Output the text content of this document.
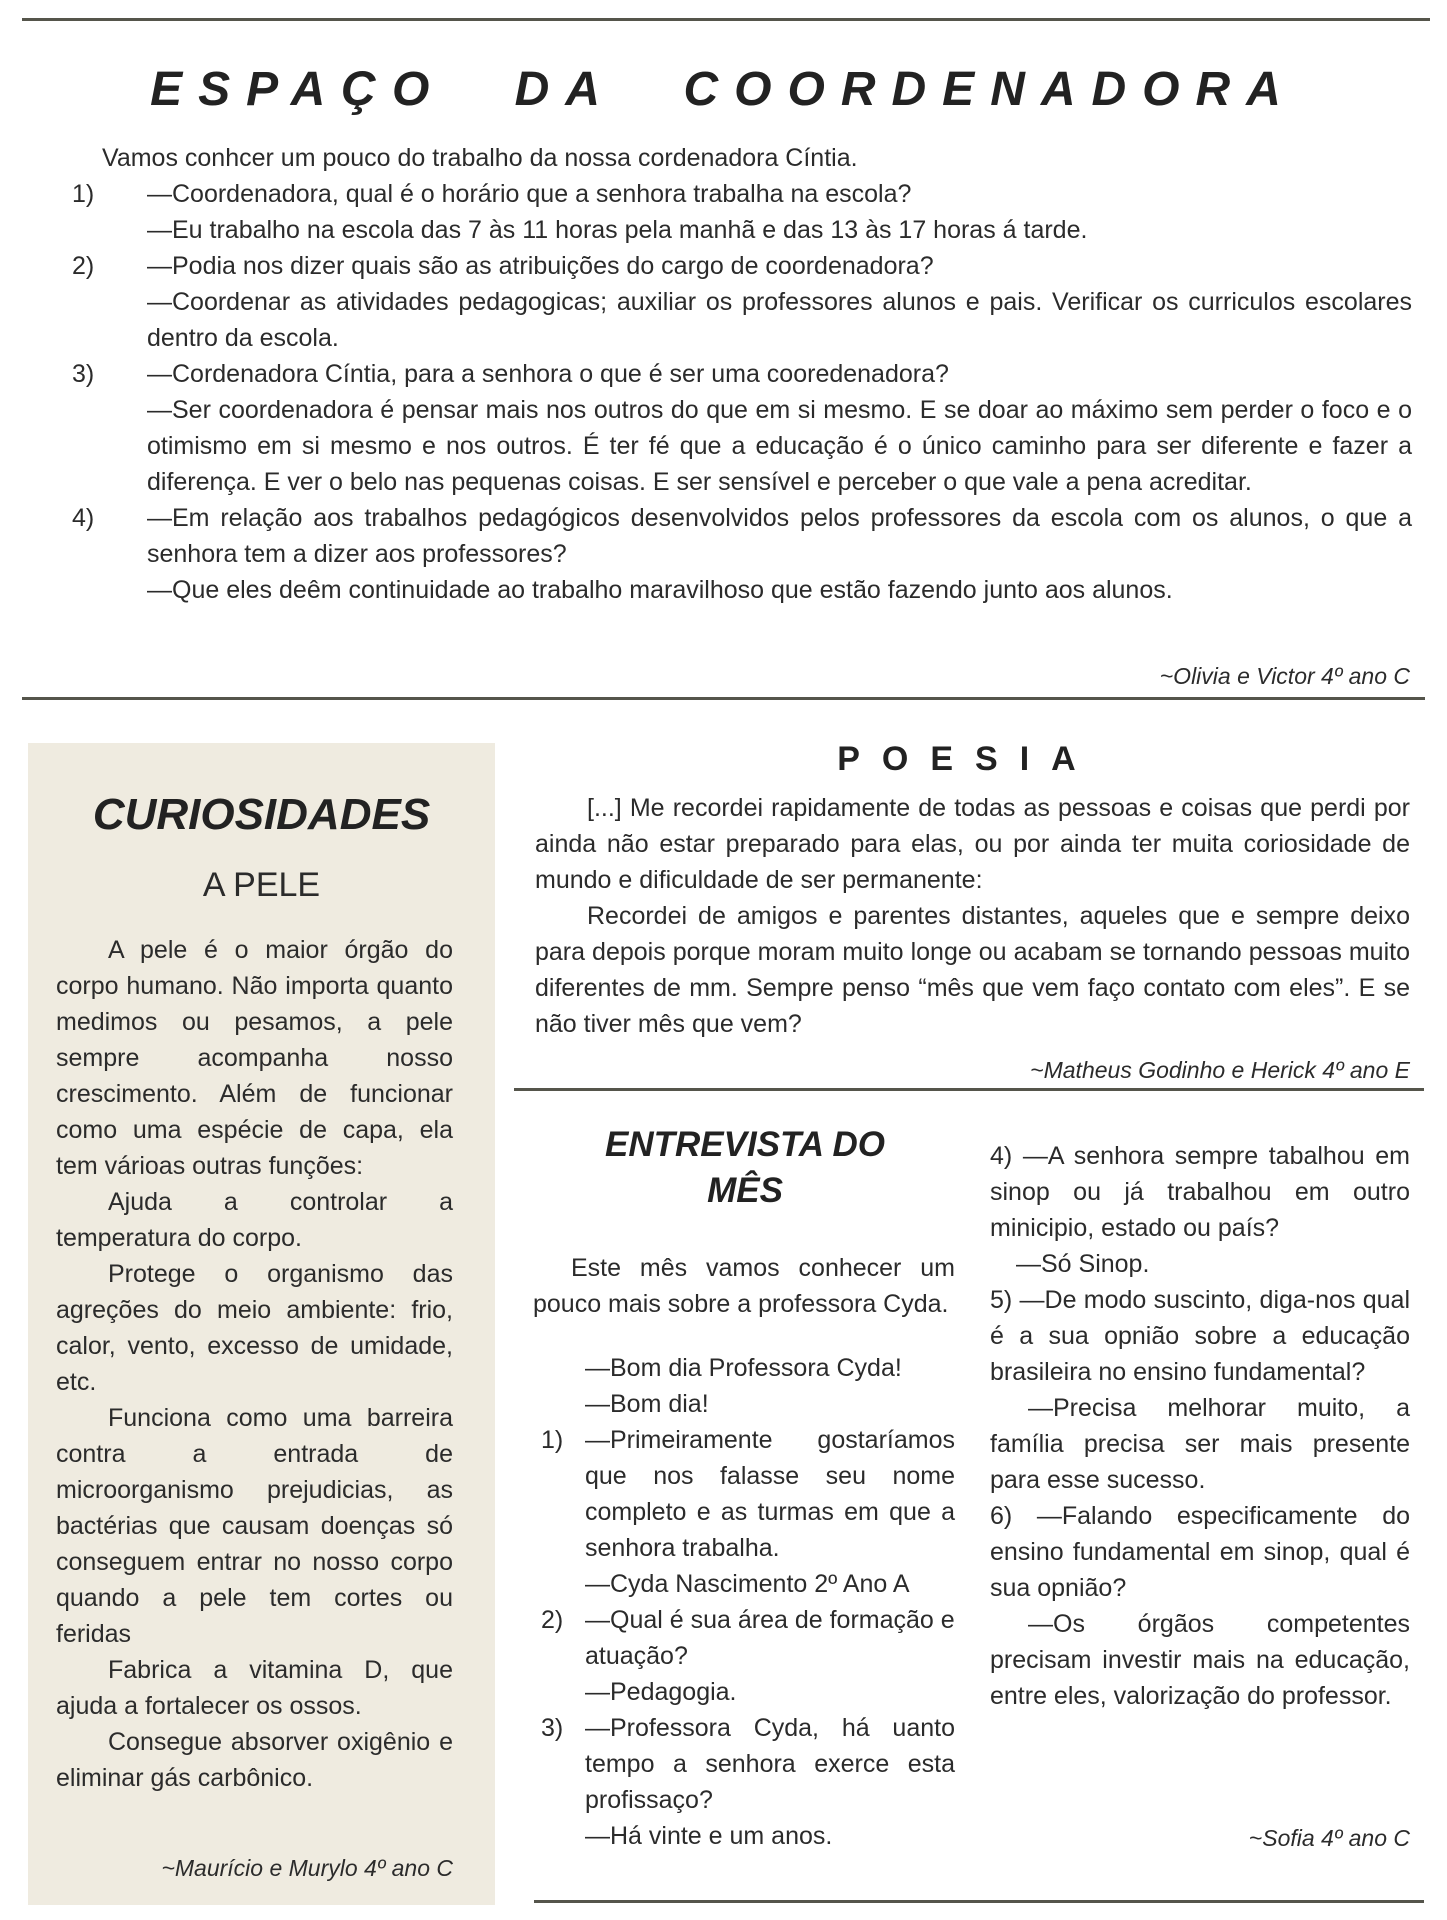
ESPAÇO DA COORDENADORA

Vamos conhcer um pouco do trabalho da nossa cordenadora Cíntia.

1)	—Coordenadora, qual é o horário que a senhora trabalha na escola?

—Eu trabalho na escola das 7 às 11 horas pela manhã e das 13 às 17 horas á tarde.

2)	—Podia nos dizer quais são as atribuições do cargo de coordenadora?

—Coordenar as atividades pedagogicas; auxiliar os professores alunos e pais. Verificar os curriculos escolares dentro da escola.

3)	—Cordenadora Cíntia, para a senhora o que é ser uma cooredenadora?

—Ser coordenadora é pensar mais nos outros do que em si mesmo. E se doar ao máximo sem perder o foco e o otimismo em si mesmo e nos outros. É ter fé que a educação é o único caminho para ser diferente e fazer a diferença. E ver o belo nas pequenas coisas. E ser sensível e perceber o que vale a pena acreditar.

4)	—Em relação aos trabalhos pedagógicos desenvolvidos pelos professores da escola com os alunos, o que a senhora tem a dizer aos professores?

—Que eles deêm continuidade ao trabalho maravilhoso que estão fazendo junto aos alunos.

~Olivia e Victor 4º ano C
CURIOSIDADES
A PELE

A pele é o maior órgão do corpo humano. Não importa quanto medimos ou pesamos, a pele sempre acompanha nosso crescimento. Além de funcionar como uma espécie de capa, ela tem várioas outras funções:

Ajuda a controlar a temperatura do corpo.

Protege o organismo das agreções do meio ambiente: frio, calor, vento, excesso de umidade, etc.

Funciona como uma barreira contra a entrada de microorganismo prejudicias, as bactérias que causam doenças só conseguem entrar no nosso corpo quando a pele tem cortes ou feridas

Fabrica a vitamina D, que ajuda a fortalecer os ossos.

Consegue absorver oxigênio e eliminar gás carbônico.

~Maurício e Murylo 4º ano C
POESIA

[...] Me recordei rapidamente de todas as pessoas e coisas que perdi por ainda não estar preparado para elas, ou por ainda ter muita coriosidade de mundo e dificuldade de ser permanente:

Recordei de amigos e parentes distantes, aqueles que e sempre deixo para depois porque moram muito longe ou acabam se tornando pessoas muito diferentes de mm. Sempre penso “mês que vem faço contato com eles”. E se não tiver mês que vem?

~Matheus Godinho e Herick 4º ano E
ENTREVISTA DO
MÊS

Este mês vamos conhecer um pouco mais sobre a professora Cyda.

—Bom dia Professora Cyda!

—Bom dia!

1) —Primeiramente gostaríamos que nos falasse seu nome completo e as turmas em que a senhora trabalha.

—Cyda Nascimento 2º Ano A

2) —Qual é sua área de formação e atuação?

—Pedagogia.

3) —Professora Cyda, há uanto tempo a senhora exerce esta profissaço?

—Há vinte e um anos.

4) —A senhora sempre tabalhou em sinop ou já trabalhou em outro minicipio, estado ou país?

—Só Sinop.

5) —De modo suscinto, diga-nos qual é a sua opnião sobre a educação brasileira no ensino fundamental?

—Precisa melhorar muito, a família precisa ser mais presente para esse sucesso.

6) —Falando especificamente do ensino fundamental em sinop, qual é sua opnião?

—Os órgãos competentes precisam investir mais na educação, entre eles, valorização do professor.

~Sofia 4º ano C
